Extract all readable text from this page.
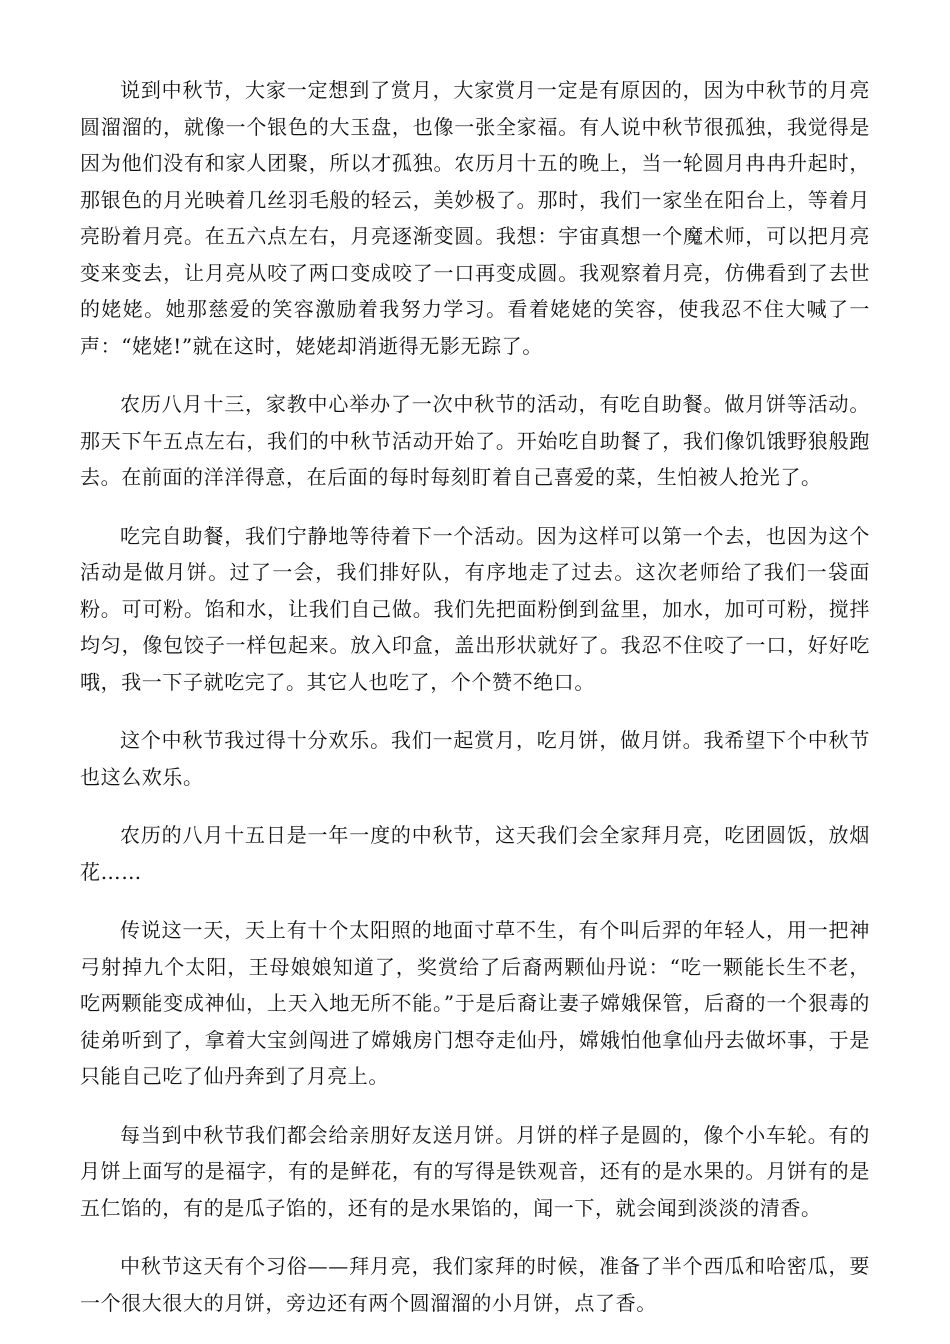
说到中秋节，大家一定想到了赏月，大家赏月一定是有原因的，因为中秋节的月亮圆溜溜的，就像一个银色的大玉盘，也像一张全家福。有人说中秋节很孤独，我觉得是因为他们没有和家人团聚，所以才孤独。农历月十五的晚上，当一轮圆月冉冉升起时，那银色的月光映着几丝羽毛般的轻云，美妙极了。那时，我们一家坐在阳台上，等着月亮盼着月亮。在五六点左右，月亮逐渐变圆。我想：宇宙真想一个魔术师，可以把月亮变来变去，让月亮从咬了两口变成咬了一口再变成圆。我观察着月亮，仿佛看到了去世的姥姥。她那慈爱的笑容激励着我努力学习。看着姥姥的笑容，使我忍不住大喊了一声：“姥姥!”就在这时，姥姥却消逝得无影无踪了。

农历八月十三，家教中心举办了一次中秋节的活动，有吃自助餐。做月饼等活动。那天下午五点左右，我们的中秋节活动开始了。开始吃自助餐了，我们像饥饿野狼般跑去。在前面的洋洋得意，在后面的每时每刻盯着自己喜爱的菜，生怕被人抢光了。

吃完自助餐，我们宁静地等待着下一个活动。因为这样可以第一个去，也因为这个活动是做月饼。过了一会，我们排好队，有序地走了过去。这次老师给了我们一袋面粉。可可粉。馅和水，让我们自己做。我们先把面粉倒到盆里，加水，加可可粉，搅拌均匀，像包饺子一样包起来。放入印盒，盖出形状就好了。我忍不住咬了一口，好好吃哦，我一下子就吃完了。其它人也吃了，个个赞不绝口。

这个中秋节我过得十分欢乐。我们一起赏月，吃月饼，做月饼。我希望下个中秋节也这么欢乐。

农历的八月十五日是一年一度的中秋节，这天我们会全家拜月亮，吃团圆饭，放烟花……

传说这一天，天上有十个太阳照的地面寸草不生，有个叫后羿的年轻人，用一把神弓射掉九个太阳，王母娘娘知道了，奖赏给了后裔两颗仙丹说：“吃一颗能长生不老，吃两颗能变成神仙，上天入地无所不能。”于是后裔让妻子嫦娥保管，后裔的一个狠毒的徒弟听到了，拿着大宝剑闯进了嫦娥房门想夺走仙丹，嫦娥怕他拿仙丹去做坏事，于是只能自己吃了仙丹奔到了月亮上。

每当到中秋节我们都会给亲朋好友送月饼。月饼的样子是圆的，像个小车轮。有的月饼上面写的是福字，有的是鲜花，有的写得是铁观音，还有的是水果的。月饼有的是五仁馅的，有的是瓜子馅的，还有的是水果馅的，闻一下，就会闻到淡淡的清香。

中秋节这天有个习俗——拜月亮，我们家拜的时候，准备了半个西瓜和哈密瓜，要一个很大很大的月饼，旁边还有两个圆溜溜的小月饼，点了香。
